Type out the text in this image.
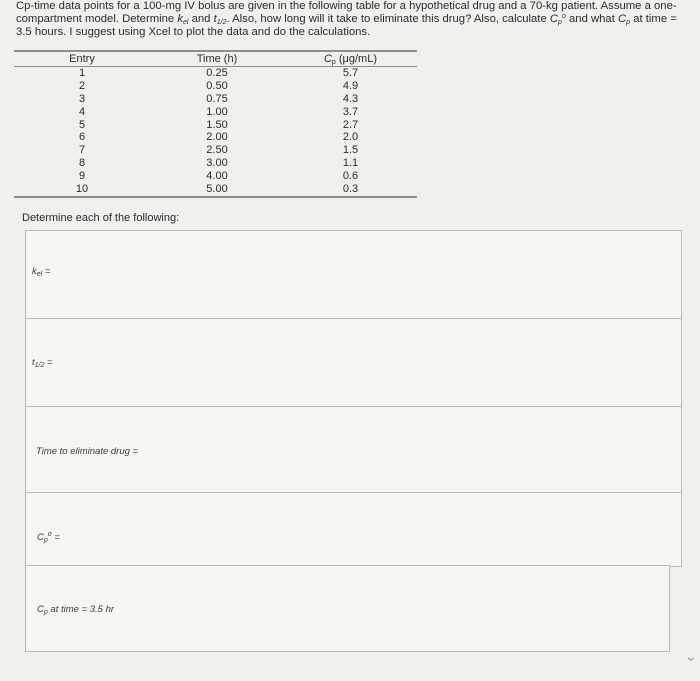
Cp-time data points for a 100-mg IV bolus are given in the following table for a hypothetical drug and a 70-kg patient. Assume a one-compartment model. Determine $k_{el}$ and $t_{1/2}$. Also, how long will it take to eliminate this drug? Also, calculate $C_p^o$ and what $C_p$ at time = 3.5 hours. I suggest using Xcel to plot the data and do the calculations.
Entry	Time (h)	$C_p$ (μg/mL)
1	0.25	5.7
2	0.50	4.9
3	0.75	4.3
4	1.00	3.7
5	1.50	2.7
6	2.00	2.0
7	2.50	1.5
8	3.00	1.1
9	4.00	0.6
10	5.00	0.3
Determine each of the following:
$k_{el}$ =
$t_{1/2}$ =
Time to eliminate drug =
$C_p^o$ =
$C_p$ at time = 3.5 hr
‹
